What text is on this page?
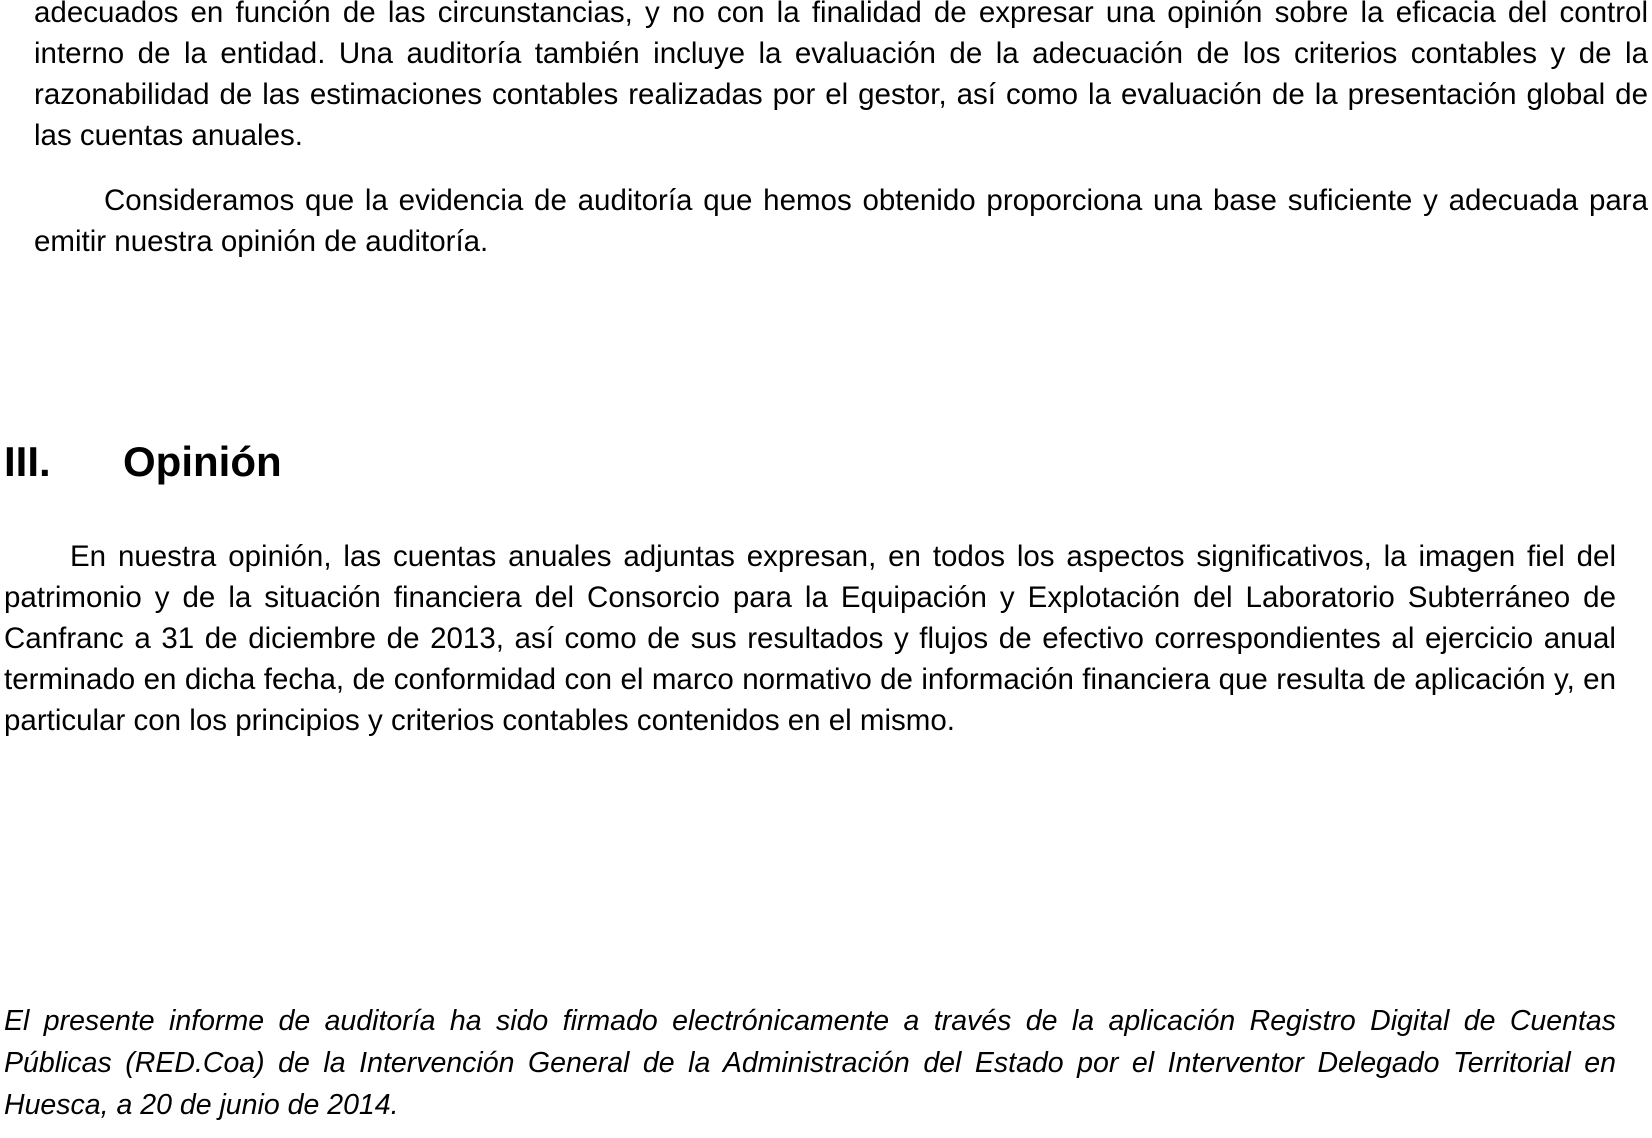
adecuados en función de las circunstancias, y no con la finalidad de expresar una opinión sobre la eficacia del control interno de la entidad. Una auditoría también incluye la evaluación de la adecuación de los criterios contables y de la razonabilidad de las estimaciones contables realizadas por el gestor, así como la evaluación de la presentación global de las cuentas anuales.

Consideramos que la evidencia de auditoría que hemos obtenido proporciona una base suficiente y adecuada para emitir nuestra opinión de auditoría.

III. Opinión

En nuestra opinión, las cuentas anuales adjuntas expresan, en todos los aspectos significativos, la imagen fiel del patrimonio y de la situación financiera del Consorcio para la Equipación y Explotación del Laboratorio Subterráneo de Canfranc a 31 de diciembre de 2013, así como de sus resultados y flujos de efectivo correspondientes al ejercicio anual terminado en dicha fecha, de conformidad con el marco normativo de información financiera que resulta de aplicación y, en particular con los principios y criterios contables contenidos en el mismo.

El presente informe de auditoría ha sido firmado electrónicamente a través de la aplicación Registro Digital de Cuentas Públicas (RED.Coa) de la Intervención General de la Administración del Estado por el Interventor Delegado Territorial en Huesca, a 20 de junio de 2014.
